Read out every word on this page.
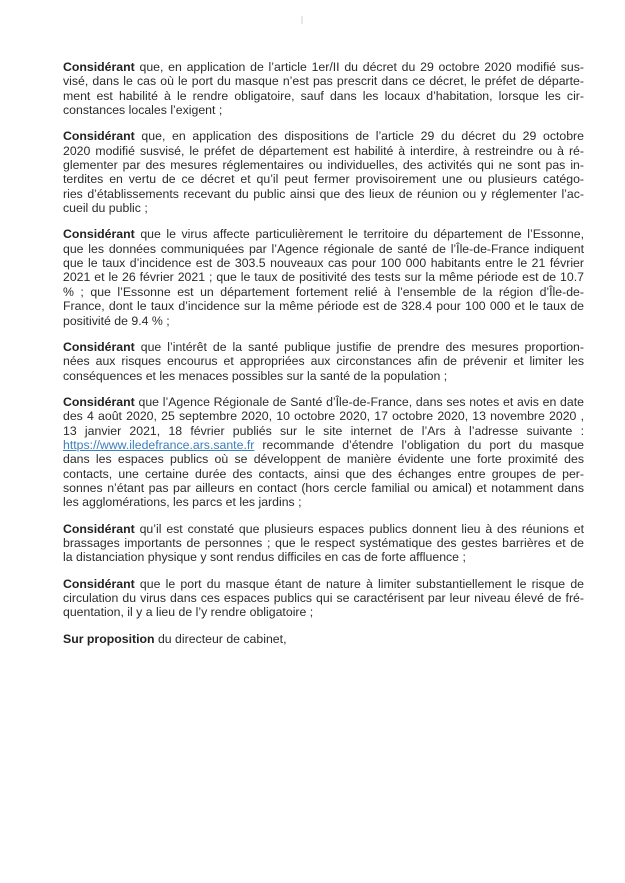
Considérant que, en application de l’article 1er/II du décret du 29 octobre 2020 modifié sus-
visé, dans le cas où le port du masque n’est pas prescrit dans ce décret, le préfet de départe-
ment est habilité à le rendre obligatoire, sauf dans les locaux d’habitation, lorsque les cir-
constances locales l’exigent ;

Considérant que, en application des dispositions de l’article 29 du décret du 29 octobre
2020 modifié susvisé, le préfet de département est habilité à interdire, à restreindre ou à ré-
glementer par des mesures réglementaires ou individuelles, des activités qui ne sont pas in-
terdites en vertu de ce décret et qu’il peut fermer provisoirement une ou plusieurs catégo-
ries d’établissements recevant du public ainsi que des lieux de réunion ou y réglementer l’ac-
cueil du public ;

Considérant que le virus affecte particulièrement le territoire du département de l’Essonne,
que les données communiquées par l’Agence régionale de santé de l’Île-de-France indiquent
que le taux d’incidence est de 303.5 nouveaux cas pour 100 000 habitants entre le 21 février
2021 et le 26 février 2021 ; que le taux de positivité des tests sur la même période est de 10.7
% ; que l’Essonne est un département fortement relié à l’ensemble de la région d’Île-de-
France, dont le taux d’incidence sur la même période est de 328.4 pour 100 000 et le taux de
positivité de 9.4 % ;

Considérant que l’intérêt de la santé publique justifie de prendre des mesures proportion-
nées aux risques encourus et appropriées aux circonstances afin de prévenir et limiter les
conséquences et les menaces possibles sur la santé de la population ;

Considérant que l’Agence Régionale de Santé d’Île-de-France, dans ses notes et avis en date
des 4 août 2020, 25 septembre 2020, 10 octobre 2020, 17 octobre 2020, 13 novembre 2020 ,
13 janvier 2021, 18 février publiés sur le site internet de l’Ars à l’adresse suivante :
https://www.iledefrance.ars.sante.fr recommande d’étendre l’obligation du port du masque
dans les espaces publics où se développent de manière évidente une forte proximité des
contacts, une certaine durée des contacts, ainsi que des échanges entre groupes de per-
sonnes n’étant pas par ailleurs en contact (hors cercle familial ou amical) et notamment dans
les agglomérations, les parcs et les jardins ;

Considérant qu’il est constaté que plusieurs espaces publics donnent lieu à des réunions et
brassages importants de personnes ; que le respect systématique des gestes barrières et de
la distanciation physique y sont rendus difficiles en cas de forte affluence ;

Considérant que le port du masque étant de nature à limiter substantiellement le risque de
circulation du virus dans ces espaces publics qui se caractérisent par leur niveau élevé de fré-
quentation, il y a lieu de l’y rendre obligatoire ;

Sur proposition du directeur de cabinet,
